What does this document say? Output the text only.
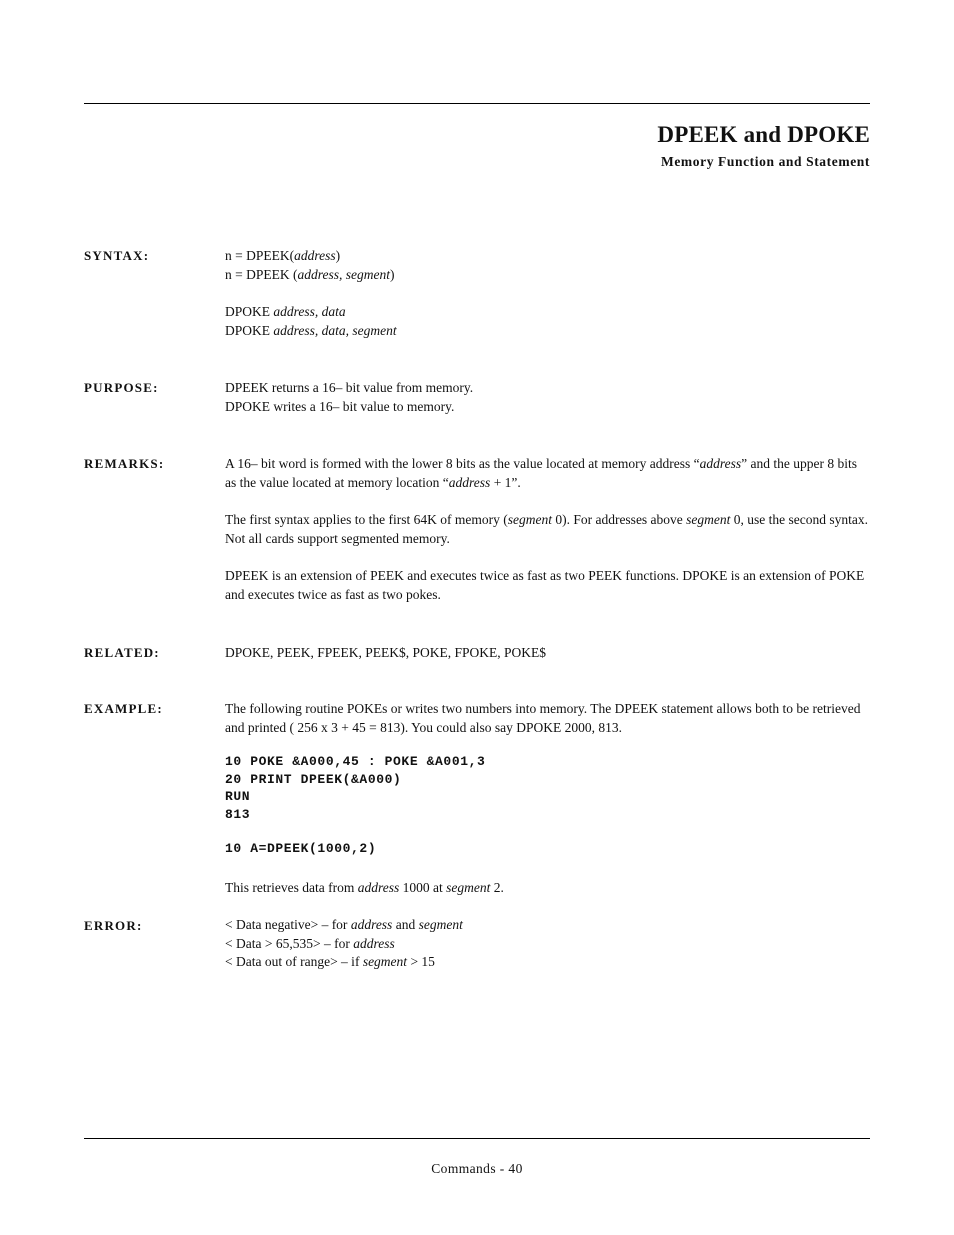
DPEEK and DPOKE
Memory Function and Statement
SYNTAX:	n = DPEEK(address)

n = DPEEK (address, segment)

DPOKE address, data

DPOKE address, data, segment

PURPOSE:	DPEEK returns a 16– bit value from memory.

DPOKE writes a 16– bit value to memory.

REMARKS:	A 16– bit word is formed with the lower 8 bits as the value located at memory address “address” and the upper 8 bits as the value located at memory location “address + 1”.

The first syntax applies to the first 64K of memory (segment 0). For addresses above segment 0, use the second syntax. Not all cards support segmented memory.

DPEEK is an extension of PEEK and executes twice as fast as two PEEK functions. DPOKE is an extension of POKE and executes twice as fast as two pokes.

RELATED:	DPOKE, PEEK, FPEEK, PEEK$, POKE, FPOKE, POKE$

EXAMPLE:	The following routine POKEs or writes two numbers into memory. The DPEEK statement allows both to be retrieved and printed ( 256 x 3 + 45 = 813). You could also say DPOKE 2000, 813.

10 POKE &A000,45 : POKE &A001,3
20 PRINT DPEEK(&A000)
RUN
813
10 A=DPEEK(1000,2)

This retrieves data from address 1000 at segment 2.

ERROR:	< Data negative> – for address and segment

< Data > 65,535> – for address

< Data out of range> – if segment > 15

Commands - 40
